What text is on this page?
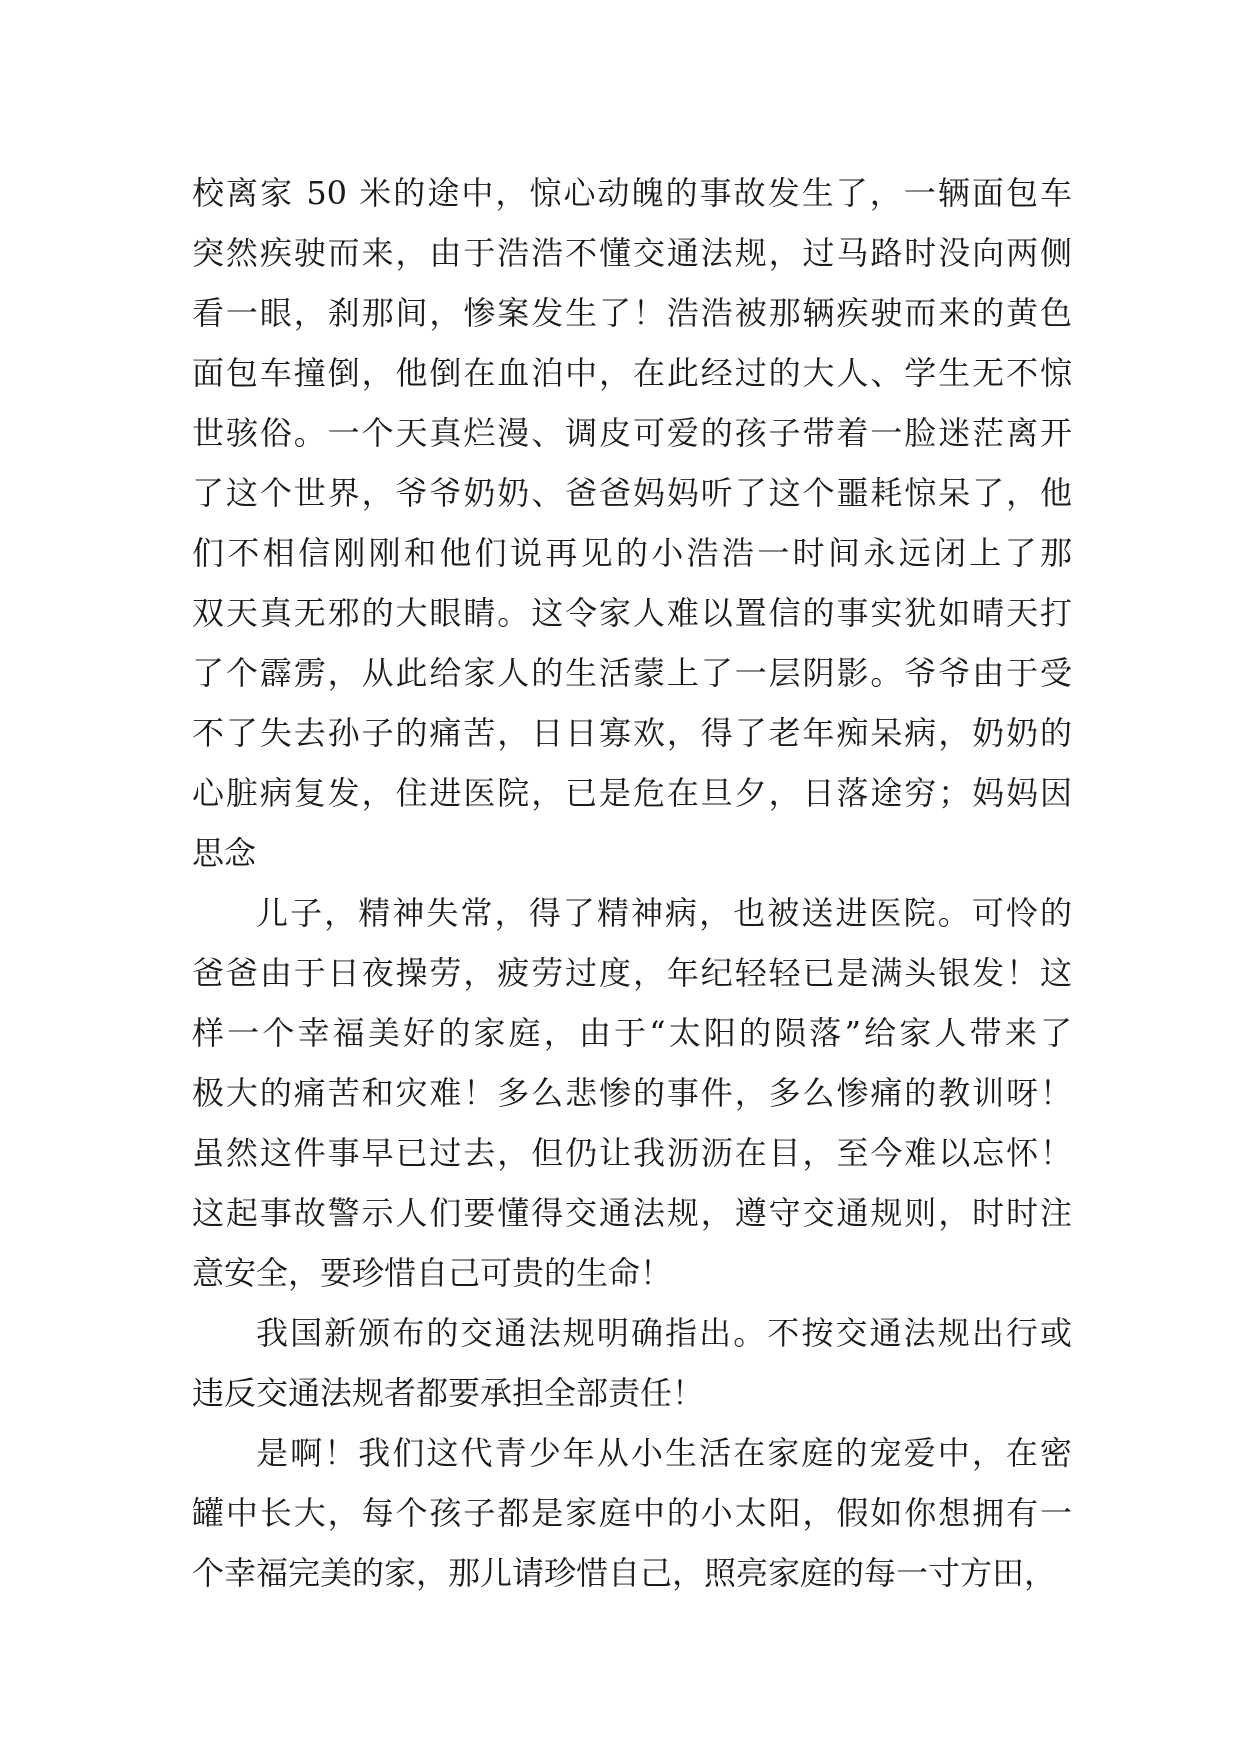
校离家 50 米的途中，惊心动魄的事故发生了，一辆面包车
突然疾驶而来，由于浩浩不懂交通法规，过马路时没向两侧
看一眼，刹那间，惨案发生了！浩浩被那辆疾驶而来的黄色
面包车撞倒，他倒在血泊中，在此经过的大人、学生无不惊
世骇俗。一个天真烂漫、调皮可爱的孩子带着一脸迷茫离开
了这个世界，爷爷奶奶、爸爸妈妈听了这个噩耗惊呆了，他
们不相信刚刚和他们说再见的小浩浩一时间永远闭上了那
双天真无邪的大眼睛。这令家人难以置信的事实犹如晴天打
了个霹雳，从此给家人的生活蒙上了一层阴影。爷爷由于受
不了失去孙子的痛苦，日日寡欢，得了老年痴呆病，奶奶的
心脏病复发，住进医院，已是危在旦夕，日落途穷；妈妈因
思念
儿子，精神失常，得了精神病，也被送进医院。可怜的
爸爸由于日夜操劳，疲劳过度，年纪轻轻已是满头银发！这
样一个幸福美好的家庭，由于“太阳的陨落”给家人带来了
极大的痛苦和灾难！多么悲惨的事件，多么惨痛的教训呀！
虽然这件事早已过去，但仍让我沥沥在目，至今难以忘怀！
这起事故警示人们要懂得交通法规，遵守交通规则，时时注
意安全，要珍惜自己可贵的生命！
我国新颁布的交通法规明确指出。不按交通法规出行或
违反交通法规者都要承担全部责任！
是啊！我们这代青少年从小生活在家庭的宠爱中，在密
罐中长大，每个孩子都是家庭中的小太阳，假如你想拥有一
个幸福完美的家，那儿请珍惜自己，照亮家庭的每一寸方田，
